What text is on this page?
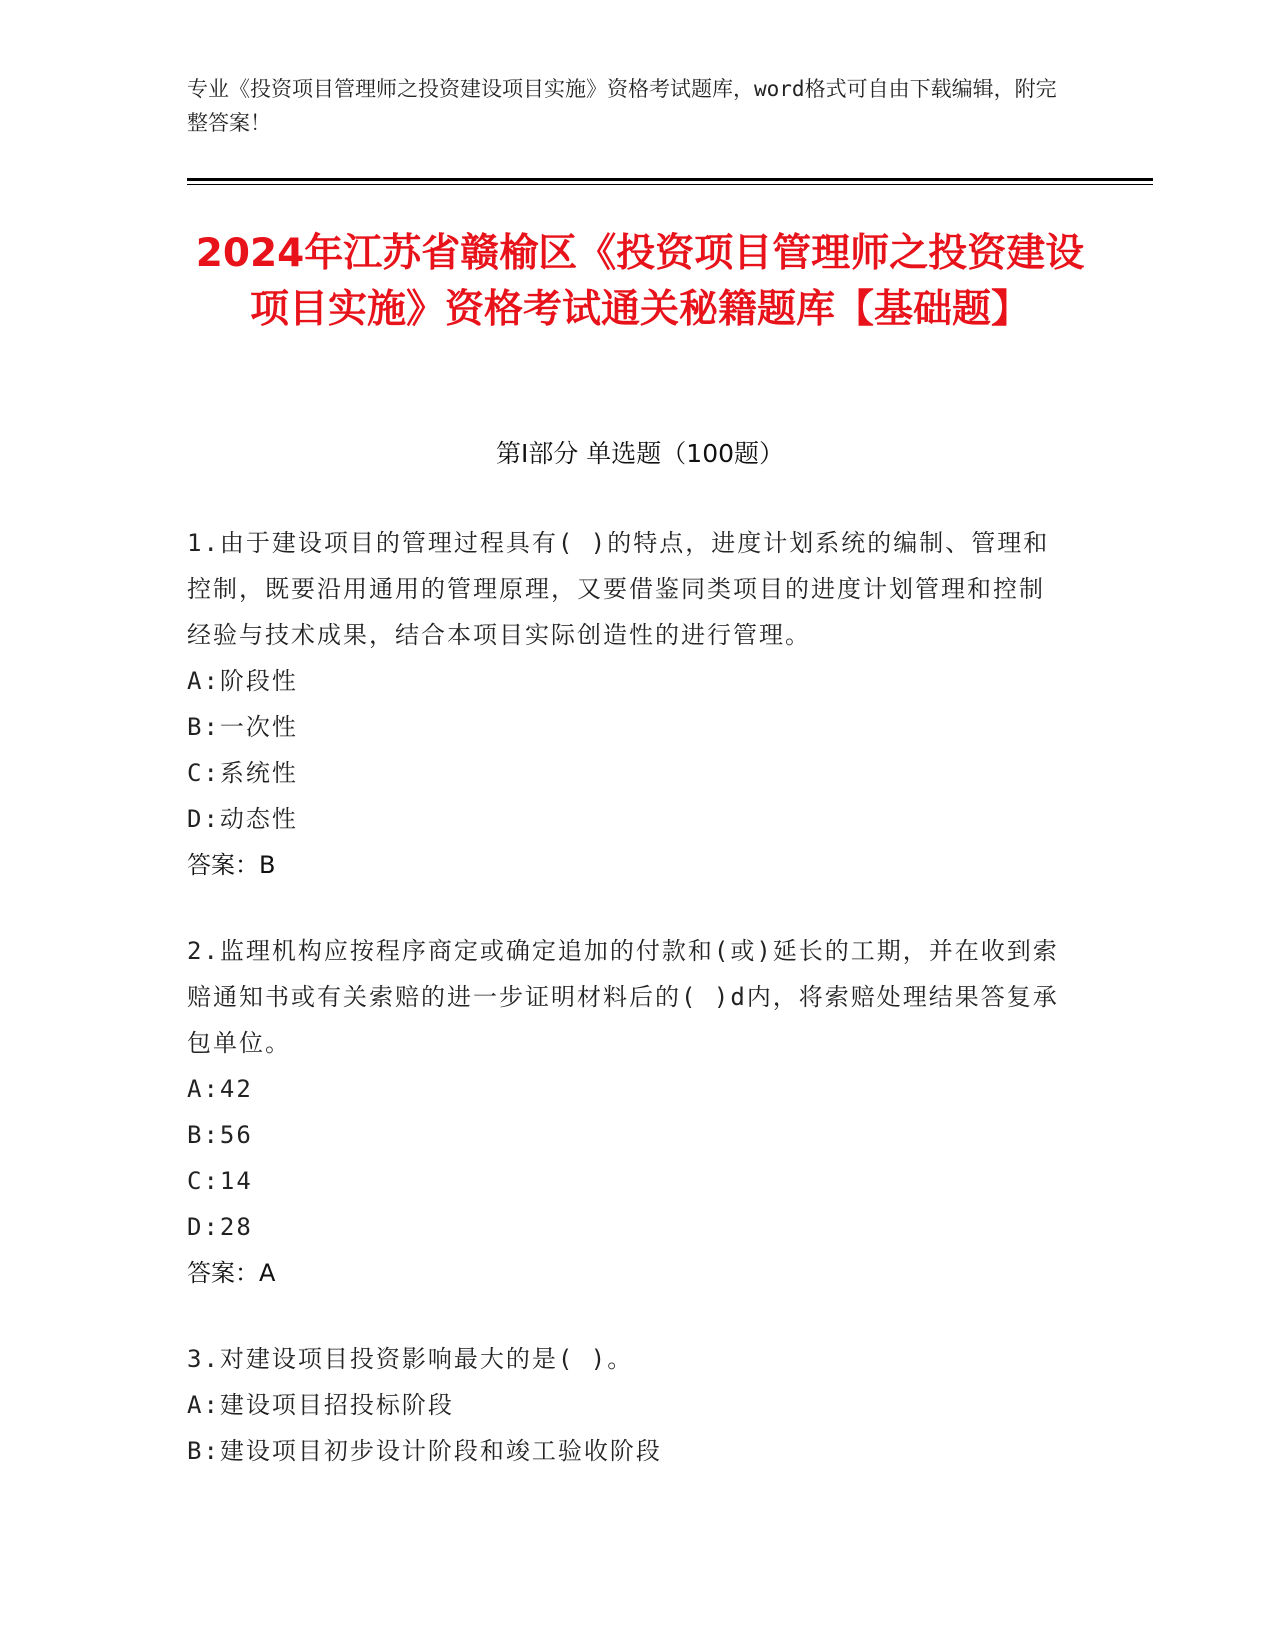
专业《投资项目管理师之投资建设项目实施》资格考试题库，word格式可自由下载编辑，附完整答案！
2024年江苏省赣榆区《投资项目管理师之投资建设项目实施》资格考试通关秘籍题库【基础题】
第Ⅰ部分 单选题（100题）
1.由于建设项目的管理过程具有( )的特点，进度计划系统的编制、管理和控制，既要沿用通用的管理原理，又要借鉴同类项目的进度计划管理和控制经验与技术成果，结合本项目实际创造性的进行管理。
A:阶段性
B:一次性
C:系统性
D:动态性
答案：B
2.监理机构应按程序商定或确定追加的付款和(或)延长的工期，并在收到索赔通知书或有关索赔的进一步证明材料后的( )d内，将索赔处理结果答复承包单位。
A:42
B:56
C:14
D:28
答案：A
3.对建设项目投资影响最大的是( )。
A:建设项目招投标阶段
B:建设项目初步设计阶段和竣工验收阶段
